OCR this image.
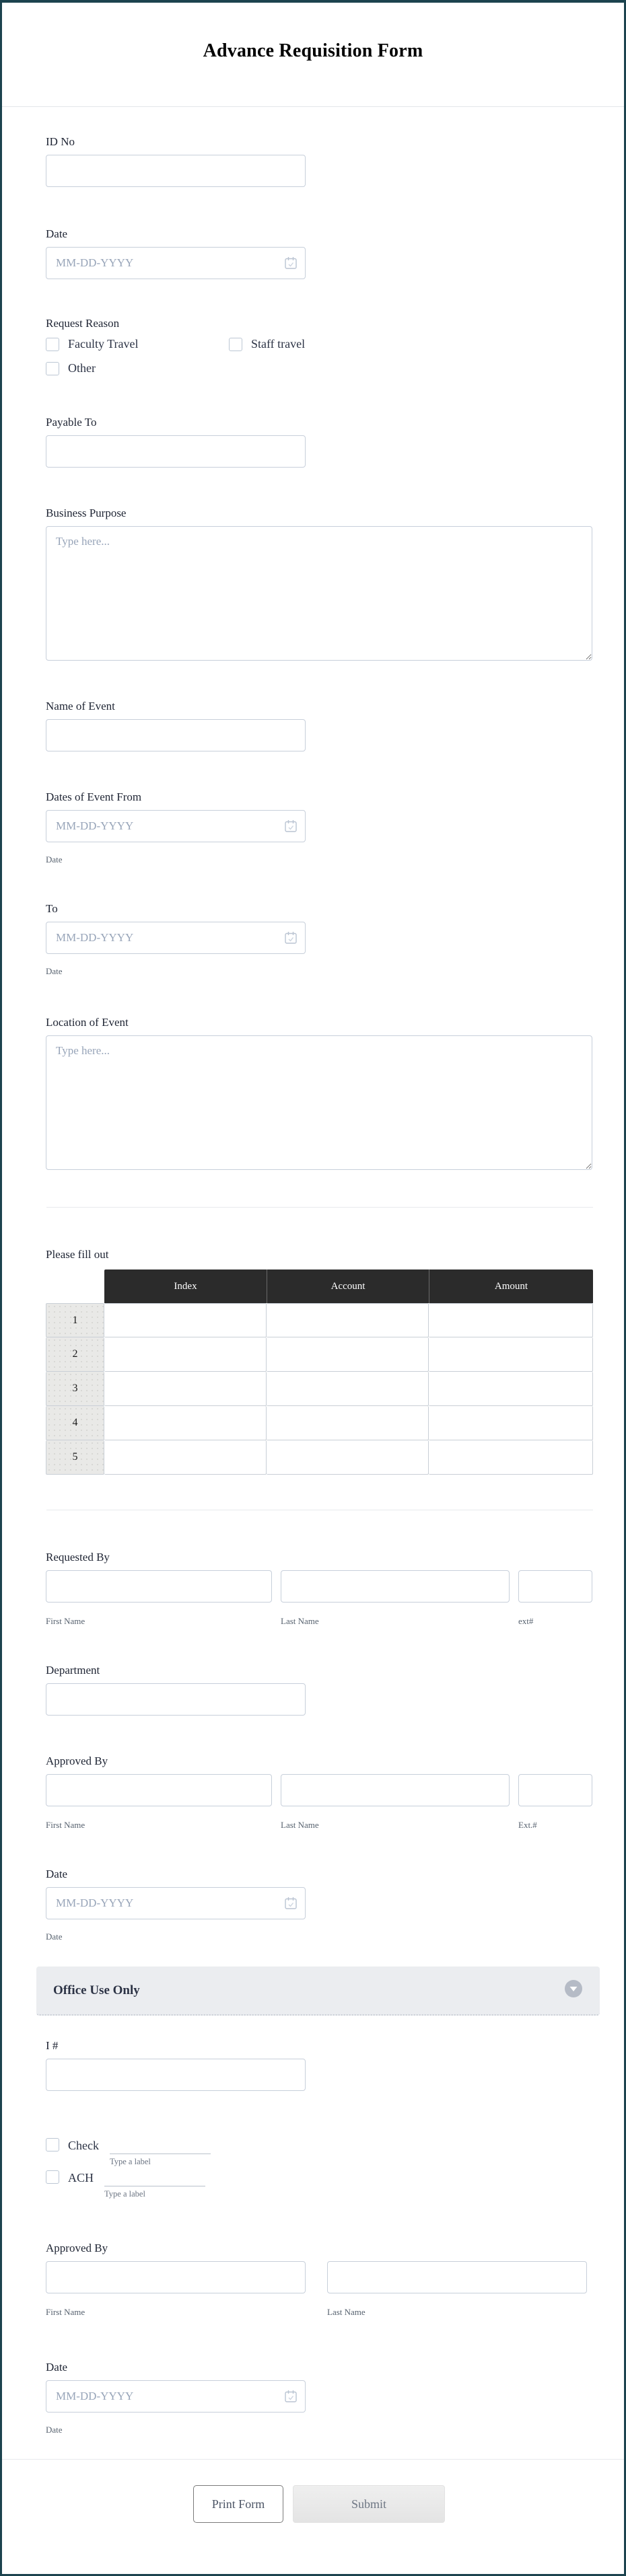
Advance Requisition Form
ID No
Date
MM-DD-YYYY
Request Reason
Faculty Travel	Staff travel
Other
Payable To
Business Purpose
Type here...
Name of Event
Dates of Event From
MM-DD-YYYY
Date
To
MM-DD-YYYY
Date
Location of Event
Type here...
Please fill out
Index	Account	Amount
1
2
3
4
5
Requested By
First Name	Last Name	ext#
Department
Approved By
First Name	Last Name	Ext.#
Date
MM-DD-YYYY
Date
Office Use Only
I #
Check
Type a label
ACH
Type a label
Approved By
First Name	Last Name
Date
MM-DD-YYYY
Date
Print Form	Submit
